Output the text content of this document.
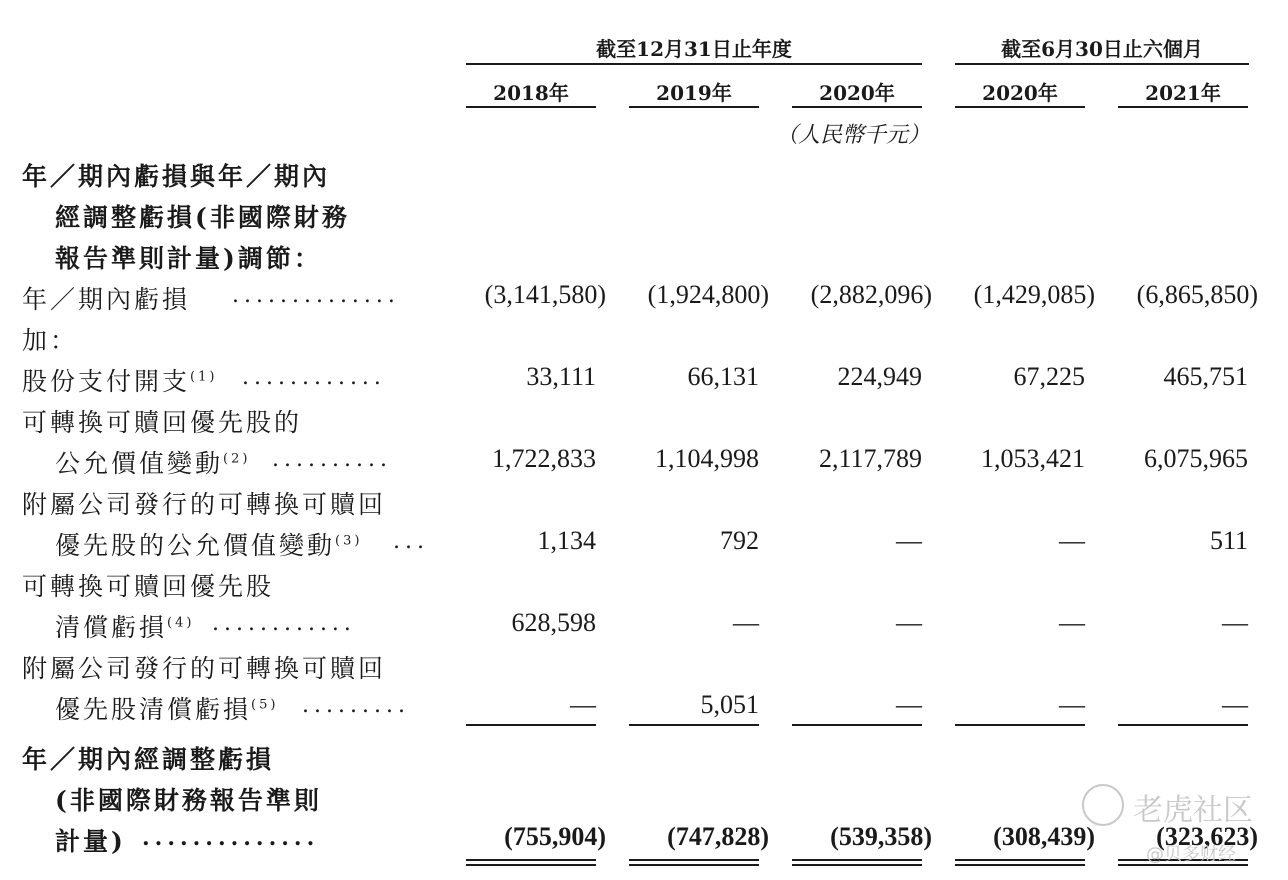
截至12月31日止年度	截至6月30日止六個月
2018年	2019年	2020年	2020年	2021年
（人民幣千元）
年／期內虧損與年／期內
經調整虧損(非國際財務
報告準則計量)調節：
年／期內虧損 ..............	(3,141,580)	(1,924,800)	(2,882,096)	(1,429,085)	(6,865,850)
加：
股份支付開支$^{(1)}$ ............	33,111	66,131	224,949	67,225	465,751
可轉換可贖回優先股的
公允價值變動$^{(2)}$ ..........	1,722,833	1,104,998	2,117,789	1,053,421	6,075,965
附屬公司發行的可轉換可贖回
優先股的公允價值變動$^{(3)}$ ...	1,134	792	—	—	511
可轉換可贖回優先股
清償虧損$^{(4)}$ ............	628,598	—	—	—	—
附屬公司發行的可轉換可贖回
優先股清償虧損$^{(5)}$ .........	—	5,051	—	—	—
年／期內經調整虧損
(非國際財務報告準則
計量) ..............	(755,904)	(747,828)	(539,358)	(308,439)	(323,623)
老虎社区
@贝多财经
